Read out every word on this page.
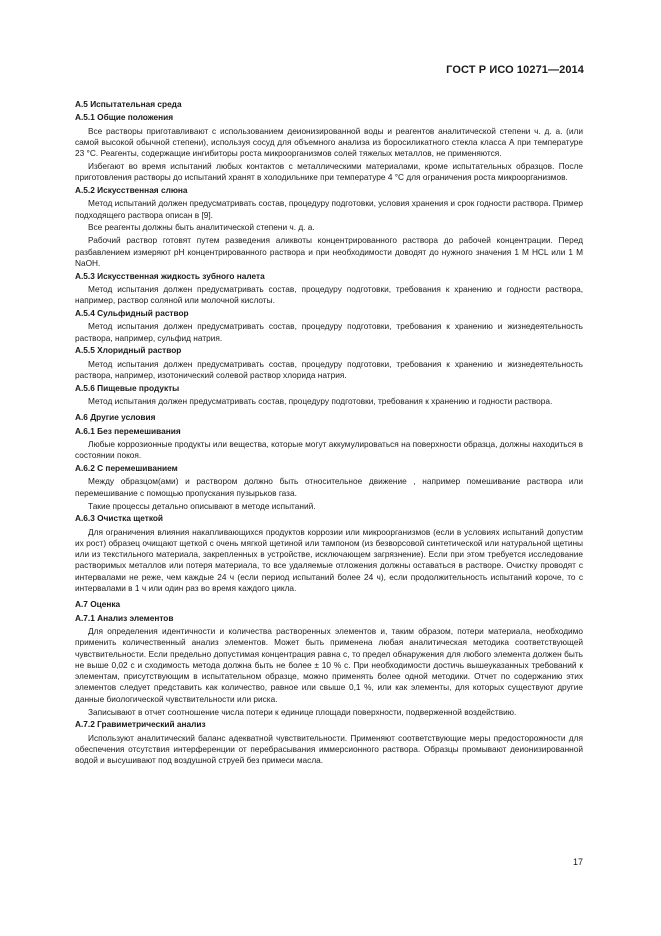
ГОСТ Р ИСО 10271—2014
А.5 Испытательная среда
А.5.1 Общие положения
Все растворы приготавливают с использованием деионизированной воды и реагентов аналитической степени ч. д. а. (или самой высокой обычной степени), используя сосуд для объемного анализа из боросиликатного стекла класса А при температуре 23 °С. Реагенты, содержащие ингибиторы роста микроорганизмов солей тяжелых металлов, не применяются.
Избегают во время испытаний любых контактов с металлическими материалами, кроме испытательных образцов. После приготовления растворы до испытаний хранят в холодильнике при температуре 4 °С для ограничения роста микроорганизмов.
А.5.2 Искусственная слюна
Метод испытаний должен предусматривать состав, процедуру подготовки, условия хранения и срок годности раствора. Пример подходящего раствора описан в [9].
Все реагенты должны быть аналитической степени ч. д. а.
Рабочий раствор готовят путем разведения аликвоты концентрированного раствора до рабочей концентрации. Перед разбавлением измеряют pH концентрированного раствора и при необходимости доводят до нужного значения 1 М HCL или 1 М NaOH.
А.5.3 Искусственная жидкость зубного налета
Метод испытания должен предусматривать состав, процедуру подготовки, требования к хранению и годности раствора, например, раствор соляной или молочной кислоты.
А.5.4 Сульфидный раствор
Метод испытания должен предусматривать состав, процедуру подготовки, требования к хранению и жизнедеятельность раствора, например, сульфид натрия.
А.5.5 Хлоридный раствор
Метод испытания должен предусматривать состав, процедуру подготовки, требования к хранению и жизнедеятельность раствора, например, изотонический солевой раствор хлорида натрия.
А.5.6 Пищевые продукты
Метод испытания должен предусматривать состав, процедуру подготовки, требования к хранению и годности раствора.
А.6 Другие условия
А.6.1 Без перемешивания
Любые коррозионные продукты или вещества, которые могут аккумулироваться на поверхности образца, должны находиться в состоянии покоя.
А.6.2 С перемешиванием
Между образцом(ами) и раствором должно быть относительное движение , например помешивание раствора или перемешивание с помощью пропускания пузырьков газа.
Такие процессы детально описывают в методе испытаний.
А.6.3 Очистка щеткой
Для ограничения влияния накапливающихся продуктов коррозии или микроорганизмов (если в условиях испытаний допустим их рост) образец очищают щеткой с очень мягкой щетиной или тампоном (из безворсовой синтетической или натуральной щетины или из текстильного материала, закрепленных в устройстве, исключающем загрязнение). Если при этом требуется исследование растворимых металлов или потеря материала, то все удаляемые отложения должны оставаться в растворе. Очистку проводят с интервалами не реже, чем каждые 24 ч (если период испытаний более 24 ч), если продолжительность испытаний короче, то с интервалами в 1 ч или один раз во время каждого цикла.
А.7 Оценка
А.7.1 Анализ элементов
Для определения идентичности и количества растворенных элементов и, таким образом, потери материала, необходимо применить количественный анализ элементов. Может быть применена любая аналитическая методика соответствующей чувствительности. Если предельно допустимая концентрация равна c, то предел обнаружения для любого элемента должен быть не выше 0,02 c и сходимость метода должна быть не более ± 10 % c. При необходимости достичь вышеуказанных требований к элементам, присутствующим в испытательном образце, можно применять более одной методики. Отчет по содержанию этих элементов следует представить как количество, равное или свыше 0,1 %, или как элементы, для которых существуют другие данные биологической чувствительности или риска.
Записывают в отчет соотношение числа потери к единице площади поверхности, подверженной воздействию.
А.7.2 Гравиметрический анализ
Используют аналитический баланс адекватной чувствительности. Применяют соответствующие меры предосторожности для обеспечения отсутствия интерференции от перебрасывания иммерсионного раствора. Образцы промывают деионизированной водой и высушивают под воздушной струей без примеси масла.
17
